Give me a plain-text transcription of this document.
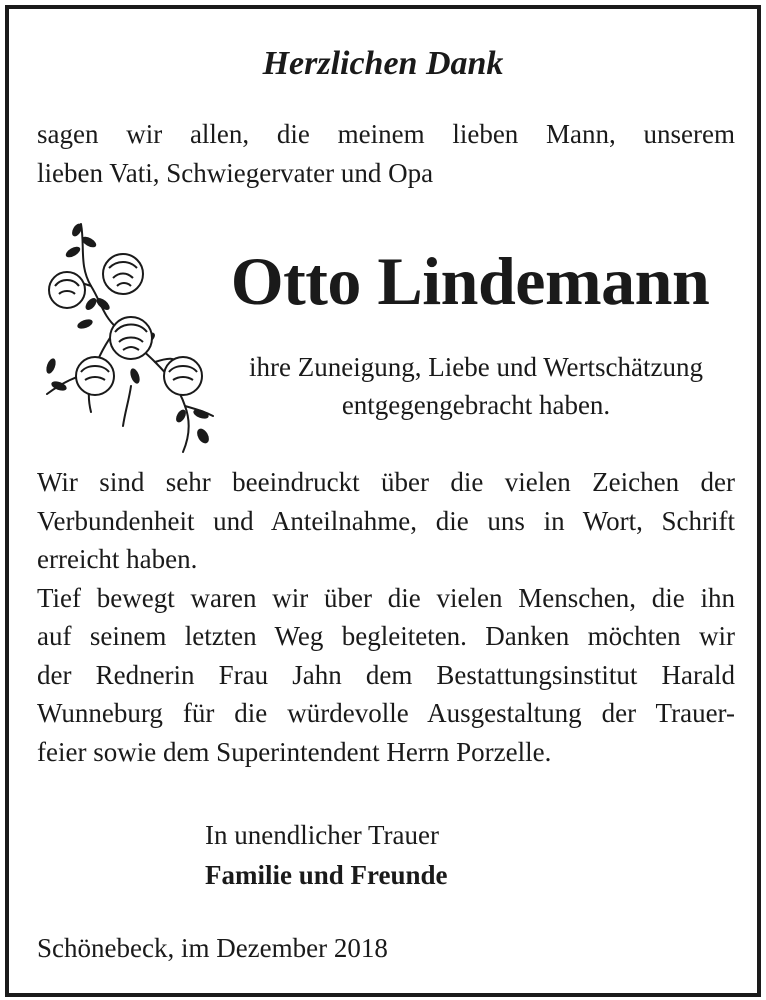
Herzlichen Dank
sagen wir allen, die meinem lieben Mann, unserem
lieben Vati, Schwiegervater und Opa
Otto Lindemann
ihre Zuneigung, Liebe und Wertschätzung
entgegengebracht haben.
Wir sind sehr beeindruckt über die vielen Zeichen der
Verbundenheit und Anteilnahme, die uns in Wort, Schrift
erreicht haben.
Tief bewegt waren wir über die vielen Menschen, die ihn
auf seinem letzten Weg begleiteten. Danken möchten wir
der Rednerin Frau Jahn dem Bestattungsinstitut Harald
Wunneburg für die würdevolle Ausgestaltung der Trauer-
feier sowie dem Superintendent Herrn Porzelle.
In unendlicher Trauer
Familie und Freunde
Schönebeck, im Dezember 2018
